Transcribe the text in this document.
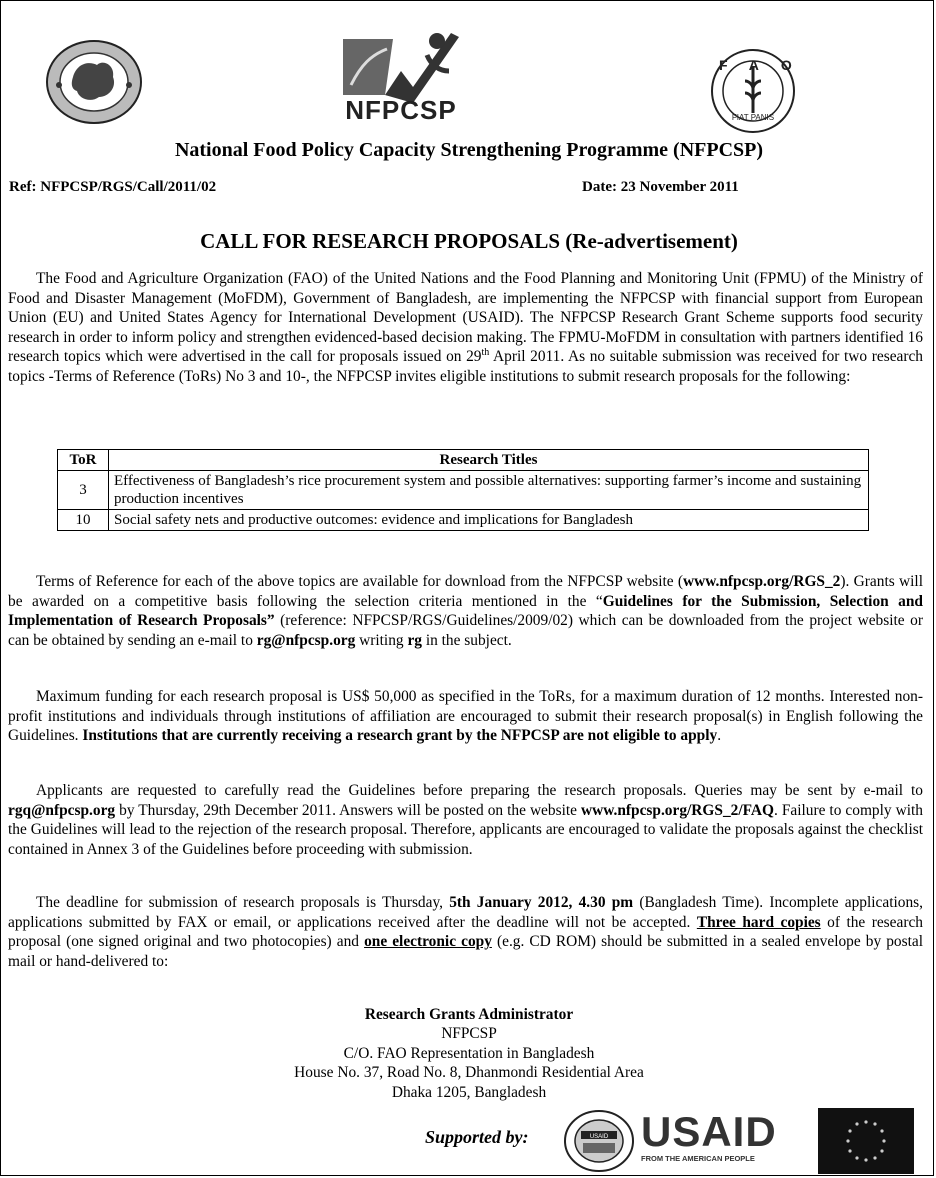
NFPCSP
FAO
FIAT PANIS
National Food Policy Capacity Strengthening Programme (NFPCSP)
Ref: NFPCSP/RGS/Call/2011/02	Date: 23 November 2011
CALL FOR RESEARCH PROPOSALS (Re-advertisement)

The Food and Agriculture Organization (FAO) of the United Nations and the Food Planning and Monitoring Unit (FPMU) of the Ministry of Food and Disaster Management (MoFDM), Government of Bangladesh, are implementing the NFPCSP with financial support from European Union (EU) and United States Agency for International Development (USAID). The NFPCSP Research Grant Scheme supports food security research in order to inform policy and strengthen evidenced-based decision making. The FPMU-MoFDM in consultation with partners identified 16 research topics which were advertised in the call for proposals issued on 29th April 2011. As no suitable submission was received for two research topics -Terms of Reference (ToRs) No 3 and 10-, the NFPCSP invites eligible institutions to submit research proposals for the following:

ToR	Research Titles
3	Effectiveness of Bangladesh’s rice procurement system and possible alternatives: supporting farmer’s income and sustaining production incentives
10	Social safety nets and productive outcomes: evidence and implications for Bangladesh

Terms of Reference for each of the above topics are available for download from the NFPCSP website (www.nfpcsp.org/RGS_2). Grants will be awarded on a competitive basis following the selection criteria mentioned in the “Guidelines for the Submission, Selection and Implementation of Research Proposals” (reference: NFPCSP/RGS/Guidelines/2009/02) which can be downloaded from the project website or can be obtained by sending an e-mail to rg@nfpcsp.org writing rg in the subject.

Maximum funding for each research proposal is US$ 50,000 as specified in the ToRs, for a maximum duration of 12 months. Interested non-profit institutions and individuals through institutions of affiliation are encouraged to submit their research proposal(s) in English following the Guidelines. Institutions that are currently receiving a research grant by the NFPCSP are not eligible to apply.

Applicants are requested to carefully read the Guidelines before preparing the research proposals. Queries may be sent by e-mail to rgq@nfpcsp.org by Thursday, 29th December 2011. Answers will be posted on the website www.nfpcsp.org/RGS_2/FAQ. Failure to comply with the Guidelines will lead to the rejection of the research proposal. Therefore, applicants are encouraged to validate the proposals against the checklist contained in Annex 3 of the Guidelines before proceeding with submission.

The deadline for submission of research proposals is Thursday, 5th January 2012, 4.30 pm (Bangladesh Time). Incomplete applications, applications submitted by FAX or email, or applications received after the deadline will not be accepted. Three hard copies of the research proposal (one signed original and two photocopies) and one electronic copy (e.g. CD ROM) should be submitted in a sealed envelope by postal mail or hand-delivered to:

Research Grants Administrator
NFPCSP
C/O. FAO Representation in Bangladesh
House No. 37, Road No. 8, Dhanmondi Residential Area
Dhaka 1205, Bangladesh
Supported by:	USAID USAID
FROM THE AMERICAN PEOPLE
